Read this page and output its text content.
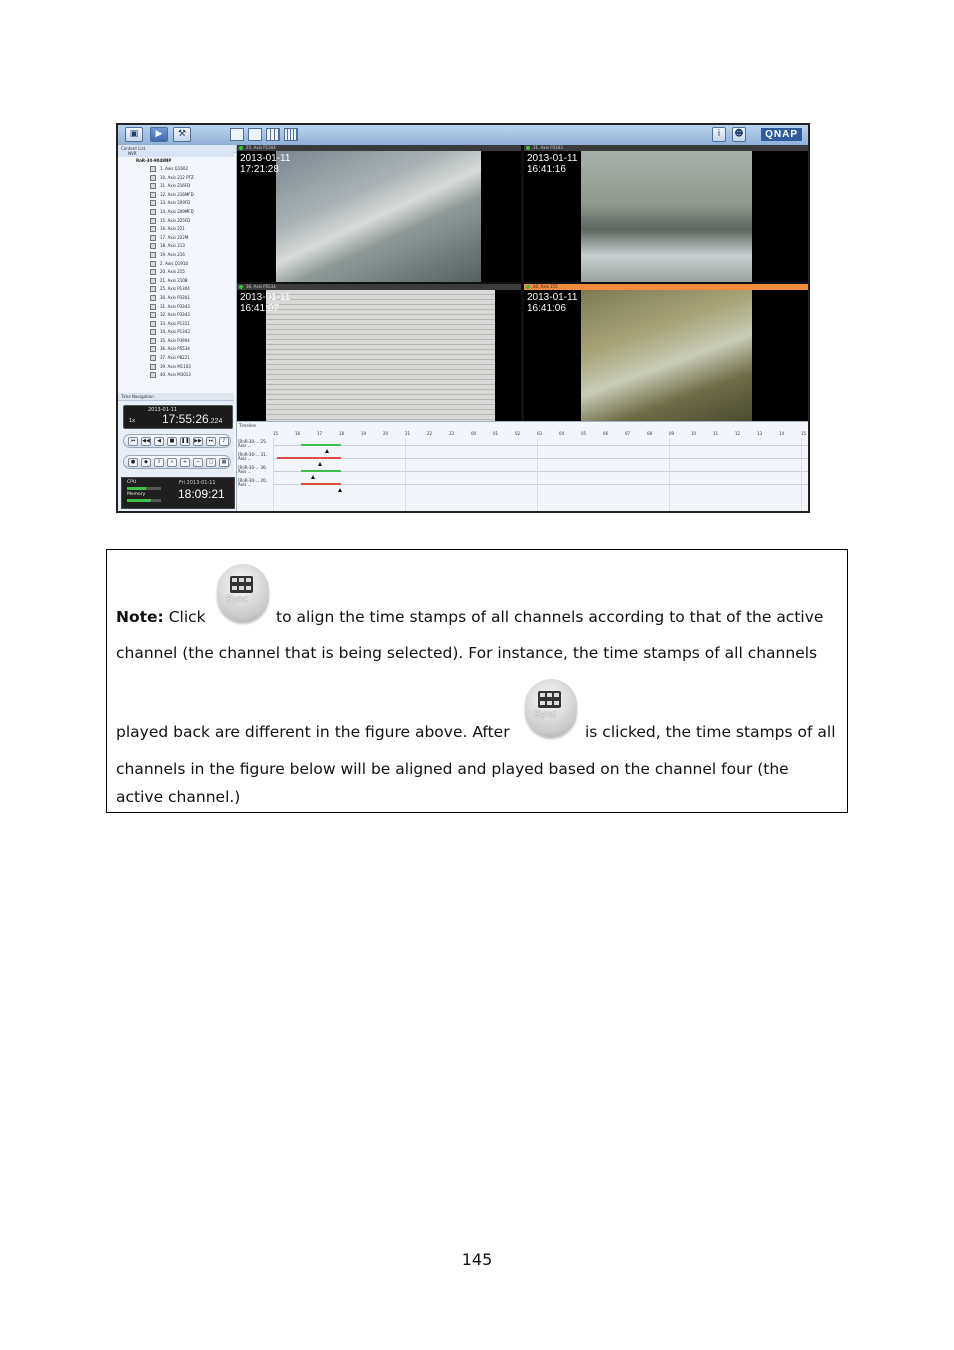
▣	▶	⚒	i	☻	QNAP
Content List
NVR
RnR-30-9048NP
1. Axis Q1602
10. Axis 212 PTZ
11. Axis 216FD
12. Axis 216MFD
13. Axis 209FD
14. Axis 209MFD
15. Axis 225FD
16. Axis 221
17. Axis 222M
18. Axis 213
19. Axis 216
2. Axis Q1910
20. Axis 215
21. Axis 210B
25. Axis P1304
30. Axis P3301
31. Axis P3343
32. Axis P3343
33. Axis P1311
34. Axis P1343
35. Axis P3904
36. Axis P5534
37. Axis P8221
39. Axis M1103
40. Axis M3013
Time Navigation
2013-01-11
1x 17:55:26.224
⏮	◀◀	◀	■	❚❚ ▶▶	⏭	♪
●	◆	⇪	⌕	+	−	▢	▦
CPU
Memory
Fri 2013-01-11
18:09:21
25. Axis P1304
2013-01-11
17:21:28
31. Axis P3343
2013-01-11
16:41:16
36. Axis P5534
2013-01-11
16:41:07
20. Axis 215
2013-01-11
16:41:06
Timeline
15	16	17	18	19	20	21	22	23	00	01	02	03	04	05	06	07	08	09	10	11	12	13	14	15
[RnR-30-... 25. Axis ...
[RnR-30-... 31. Axis ...
[RnR-30-... 36. Axis ...
[RnR-30-... 20. Axis ...
Note: Click
Sync
to align the time stamps of all channels according to that of the active
channel (the channel that is being selected). For instance, the time stamps of all channels
played back are different in the figure above. After
Sync
is clicked, the time stamps of all
channels in the figure below will be aligned and played based on the channel four (the
active channel.)
145
